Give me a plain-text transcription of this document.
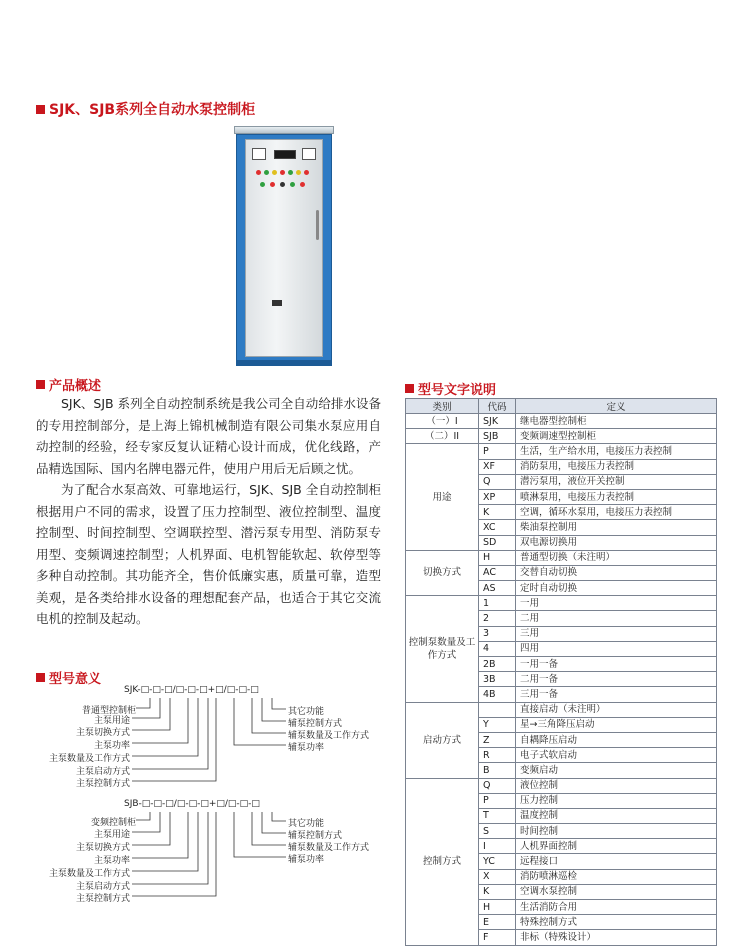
SJK、SJB系列全自动水泵控制柜
产品概述

SJK、SJB 系列全自动控制系统是我公司全自动给排水设备的专用控制部分，是上海上锦机械制造有限公司集水泵应用自动控制的经验，经专家反复认证精心设计而成，优化线路，产品精选国际、国内名牌电器元件，使用户用后无后顾之忧。

为了配合水泵高效、可靠地运行，SJK、SJB 全自动控制柜根据用户不同的需求，设置了压力控制型、液位控制型、温度控制型、时间控制型、空调联控型、潜污泵专用型、消防泵专用型、变频调速控制型；人机界面、电机智能软起、软停型等多种自动控制。其功能齐全，售价低廉实惠，质量可靠，造型美观，是各类给排水设备的理想配套产品，也适合于其它交流电机的控制及起动。

型号意义
SJK-□-□-□/□-□-□+□/□-□-□
普通型控制柜
主泵用途
主泵切换方式
主泵功率
主泵数量及工作方式
主泵启动方式
主泵控制方式
其它功能
辅泵控制方式
辅泵数量及工作方式
辅泵功率
SJB-□-□-□/□-□-□+□/□-□-□
变频控制柜
主泵用途
主泵切换方式
主泵功率
主泵数量及工作方式
主泵启动方式
主泵控制方式
其它功能
辅泵控制方式
辅泵数量及工作方式
辅泵功率
型号文字说明
类别	代码	定义
（一）I	SJK	继电器型控制柜
（二）II	SJB	变频调速型控制柜
用途	P	生活，生产给水用，电接压力表控制
	XF	消防泵用，电接压力表控制
	Q	潜污泵用，液位开关控制
	XP	喷淋泵用，电接压力表控制
	K	空调，循环水泵用，电接压力表控制
	XC	柴油泵控制用
	SD	双电源切换用
切换方式	H	普通型切换（未注明）
	AC	交替自动切换
	AS	定时自动切换
控制泵数量及工作方式	1	一用
	2	二用
	3	三用
	4	四用
	2B	一用一备
	3B	二用一备
	4B	三用一备
启动方式		直接启动（未注明）
	Y	星→三角降压启动
	Z	自耦降压启动
	R	电子式软启动
	B	变频启动
控制方式	Q	液位控制
	P	压力控制
	T	温度控制
	S	时间控制
	I	人机界面控制
	YC	远程接口
	X	消防喷淋巡检
	K	空调水泵控制
	H	生活消防合用
	E	特殊控制方式
	F	非标（特殊设计）
